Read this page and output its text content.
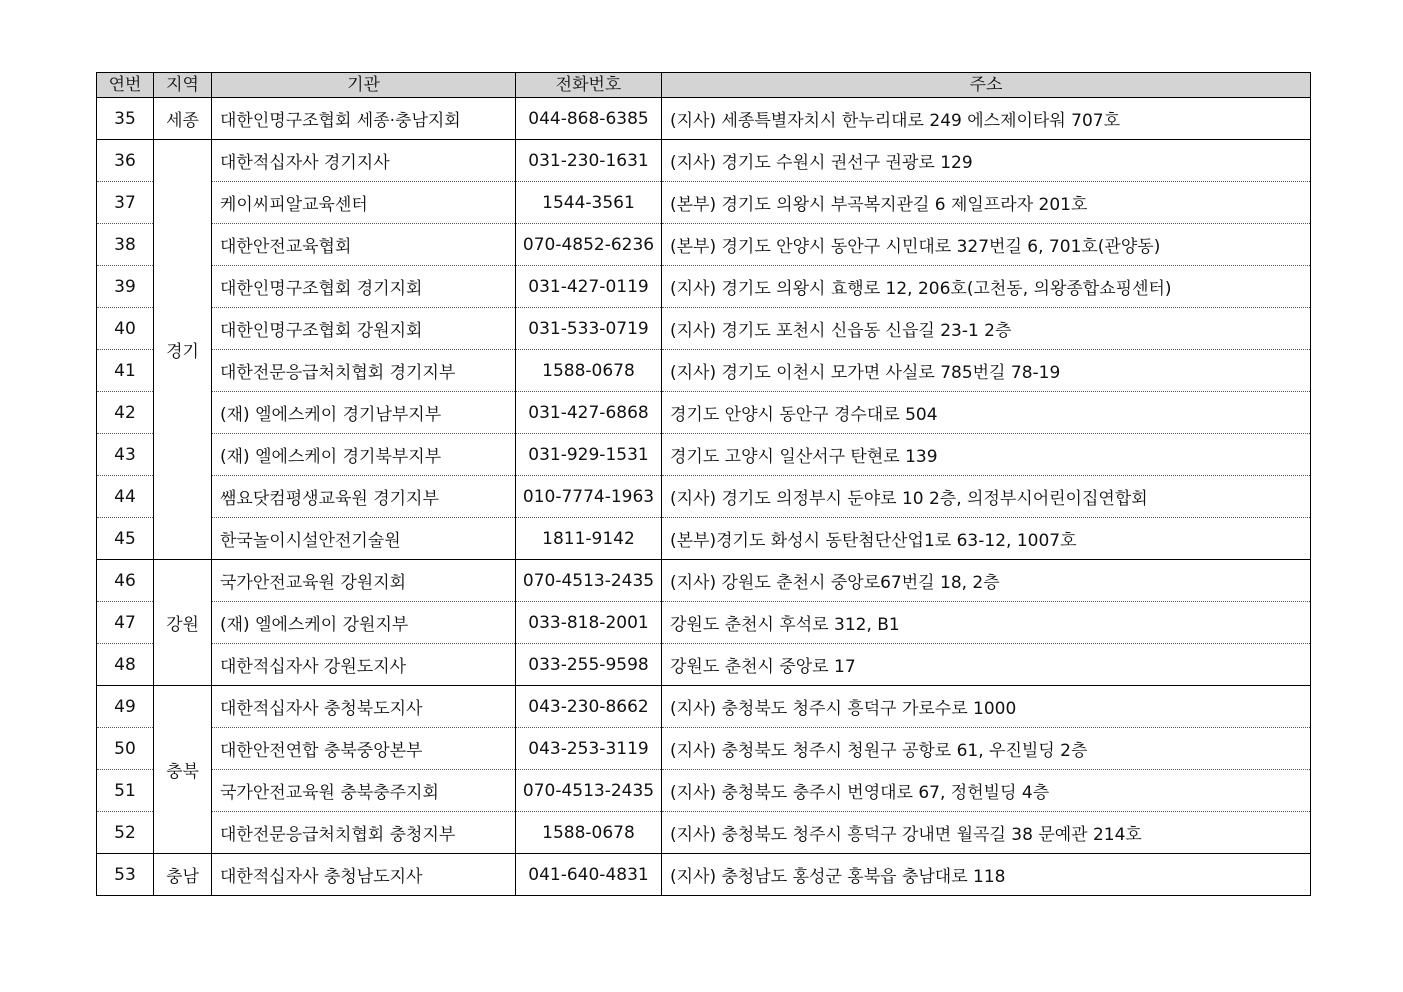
연번	지역	기관	전화번호	주소
35	세종	대한인명구조협회 세종·충남지회	044-868-6385	(지사) 세종특별자치시 한누리대로 249 에스제이타워 707호
36	경기	대한적십자사 경기지사	031-230-1631	(지사) 경기도 수원시 권선구 권광로 129
37		케이씨피알교육센터	1544-3561	(본부) 경기도 의왕시 부곡복지관길 6 제일프라자 201호
38		대한안전교육협회	070-4852-6236	(본부) 경기도 안양시 동안구 시민대로 327번길 6, 701호(관양동)
39		대한인명구조협회 경기지회	031-427-0119	(지사) 경기도 의왕시 효행로 12, 206호(고천동, 의왕종합쇼핑센터)
40		대한인명구조협회 강원지회	031-533-0719	(지사) 경기도 포천시 신읍동 신읍길 23-1 2층
41		대한전문응급처치협회 경기지부	1588-0678	(지사) 경기도 이천시 모가면 사실로 785번길 78-19
42		(재) 엘에스케이 경기남부지부	031-427-6868	경기도 안양시 동안구 경수대로 504
43		(재) 엘에스케이 경기북부지부	031-929-1531	경기도 고양시 일산서구 탄현로 139
44		쌤요닷컴평생교육원 경기지부	010-7774-1963	(지사) 경기도 의정부시 둔야로 10 2층, 의정부시어린이집연합회
45		한국놀이시설안전기술원	1811-9142	(본부)경기도 화성시 동탄첨단산업1로 63-12, 1007호
46	강원	국가안전교육원 강원지회	070-4513-2435	(지사) 강원도 춘천시 중앙로67번길 18, 2층
47		(재) 엘에스케이 강원지부	033-818-2001	강원도 춘천시 후석로 312, B1
48		대한적십자사 강원도지사	033-255-9598	강원도 춘천시 중앙로 17
49	충북	대한적십자사 충청북도지사	043-230-8662	(지사) 충청북도 청주시 흥덕구 가로수로 1000
50		대한안전연합 충북중앙본부	043-253-3119	(지사) 충청북도 청주시 청원구 공항로 61, 우진빌딩 2층
51		국가안전교육원 충북충주지회	070-4513-2435	(지사) 충청북도 충주시 번영대로 67, 정헌빌딩 4층
52		대한전문응급처치협회 충청지부	1588-0678	(지사) 충청북도 청주시 흥덕구 강내면 월곡길 38 문예관 214호
53	충남	대한적십자사 충청남도지사	041-640-4831	(지사) 충청남도 홍성군 홍북읍 충남대로 118
